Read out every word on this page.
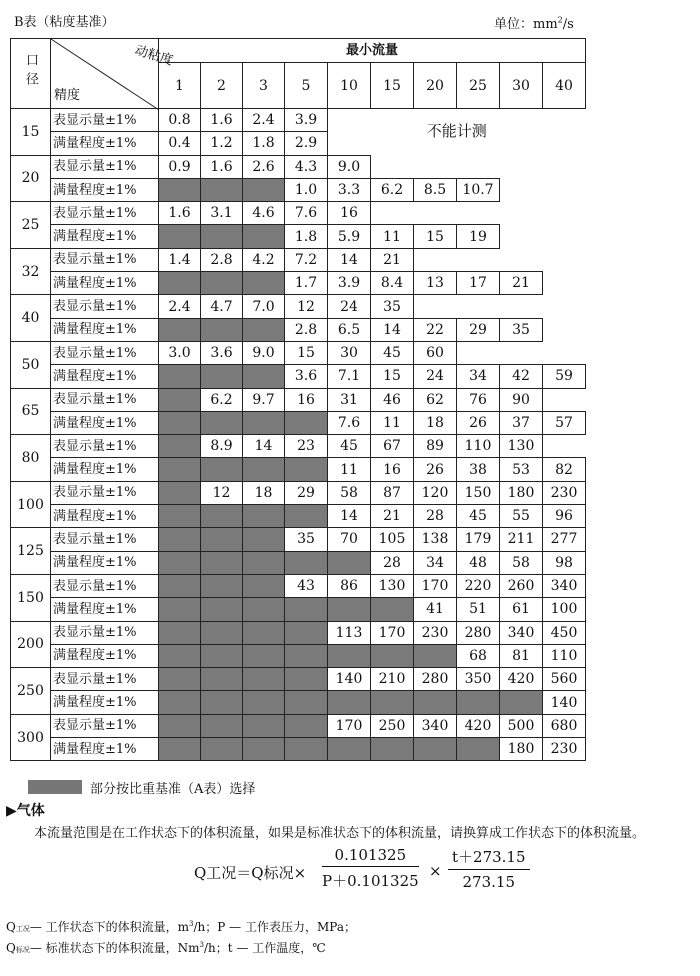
B表（粘度基准）	单位：$mm^2/s$
口径	动粘度
精度	最小流量									
		1	2	3	5	10	15	20	25	30	40
15	表显示量±1%	0.8	1.6	2.4	3.9	不能计测					
	满量程度±1%	0.4	1.2	1.8	2.9						
20	表显示量±1%	0.9	1.6	2.6	4.3	9.0					
	满量程度±1%				1.0	3.3	6.2	8.5	10.7		
25	表显示量±1%	1.6	3.1	4.6	7.6	16					
	满量程度±1%				1.8	5.9	11	15	19		
32	表显示量±1%	1.4	2.8	4.2	7.2	14	21				
	满量程度±1%				1.7	3.9	8.4	13	17	21	
40	表显示量±1%	2.4	4.7	7.0	12	24	35				
	满量程度±1%				2.8	6.5	14	22	29	35	
50	表显示量±1%	3.0	3.6	9.0	15	30	45	60			
	满量程度±1%				3.6	7.1	15	24	34	42	59
65	表显示量±1%		6.2	9.7	16	31	46	62	76	90	
	满量程度±1%					7.6	11	18	26	37	57
80	表显示量±1%		8.9	14	23	45	67	89	110	130	
	满量程度±1%					11	16	26	38	53	82
100	表显示量±1%		12	18	29	58	87	120	150	180	230
	满量程度±1%					14	21	28	45	55	96
125	表显示量±1%				35	70	105	138	179	211	277
	满量程度±1%						28	34	48	58	98
150	表显示量±1%				43	86	130	170	220	260	340
	满量程度±1%							41	51	61	100
200	表显示量±1%					113	170	230	280	340	450
	满量程度±1%								68	81	110
250	表显示量±1%					140	210	280	350	420	560
	满量程度±1%										140
300	表显示量±1%					170	250	340	420	500	680
	满量程度±1%									180	230
部分按比重基准（A表）选择
▶气体
本流量范围是在工作状态下的体积流量，如果是标准状态下的体积流量，请换算成工作状态下的体积流量。
Q工况＝Q标况× $\frac{0.101325}{P+0.101325} \times \frac{t+273.15}{273.15}$
Q工况— 工作状态下的体积流量，$m^3/h$；P — 工作表压力，MPa；
Q标况— 标准状态下的体积流量，Nm$^3$/h；t — 工作温度，℃
